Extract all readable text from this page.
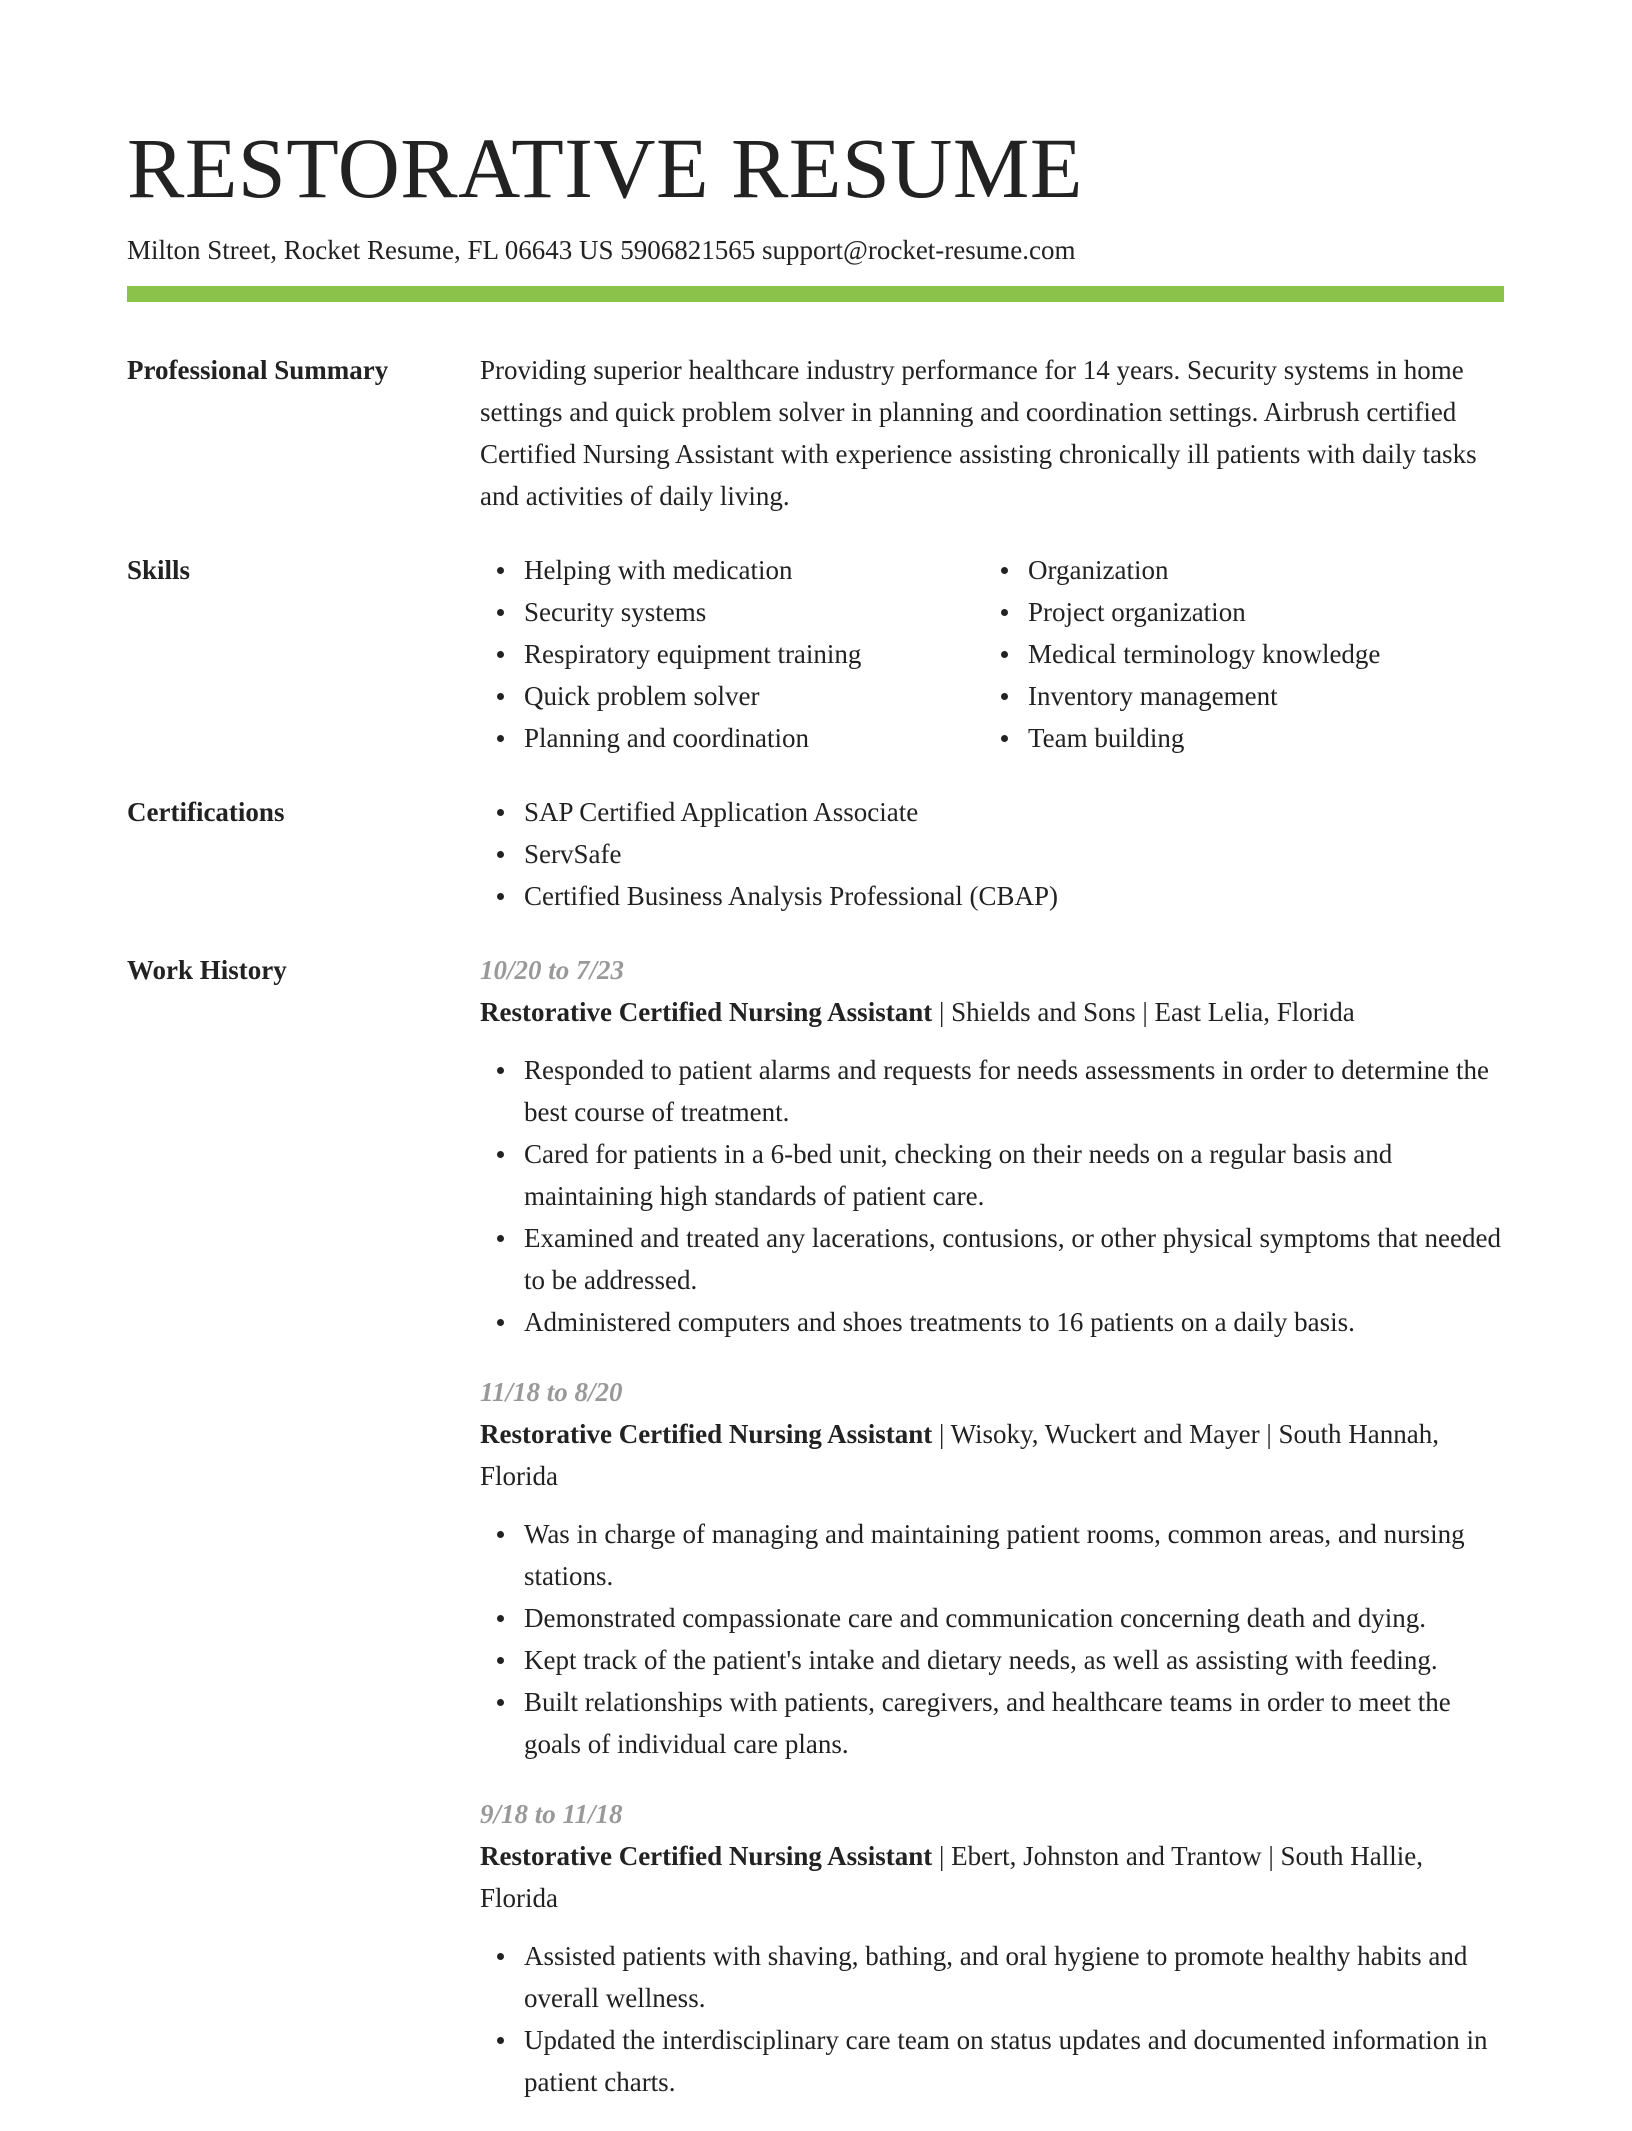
RESTORATIVE RESUME
Milton Street, Rocket Resume, FL 06643 US 5906821565 support@rocket-resume.com
Professional Summary	Providing superior healthcare industry performance for 14 years. Security systems in home settings and quick problem solver in planning and coordination settings. Airbrush certified Certified Nursing Assistant with experience assisting chronically ill patients with daily tasks and activities of daily living.

Skills	Helping with medication
Security systems
Respiratory equipment training
Quick problem solver
Planning and coordination
Organization
Project organization
Medical terminology knowledge
Inventory management
Team building
Certifications	SAP Certified Application Associate
ServSafe
Certified Business Analysis Professional (CBAP)
Work History	10/20 to 7/23
Restorative Certified Nursing Assistant | Shields and Sons | East Lelia, Florida
Responded to patient alarms and requests for needs assessments in order to determine the best course of treatment.
Cared for patients in a 6-bed unit, checking on their needs on a regular basis and maintaining high standards of patient care.
Examined and treated any lacerations, contusions, or other physical symptoms that needed to be addressed.
Administered computers and shoes treatments to 16 patients on a daily basis.
11/18 to 8/20
Restorative Certified Nursing Assistant | Wisoky, Wuckert and Mayer | South Hannah, Florida
Was in charge of managing and maintaining patient rooms, common areas, and nursing stations.
Demonstrated compassionate care and communication concerning death and dying.
Kept track of the patient's intake and dietary needs, as well as assisting with feeding.
Built relationships with patients, caregivers, and healthcare teams in order to meet the goals of individual care plans.
9/18 to 11/18
Restorative Certified Nursing Assistant | Ebert, Johnston and Trantow | South Hallie, Florida
Assisted patients with shaving, bathing, and oral hygiene to promote healthy habits and overall wellness.
Updated the interdisciplinary care team on status updates and documented information in patient charts.
